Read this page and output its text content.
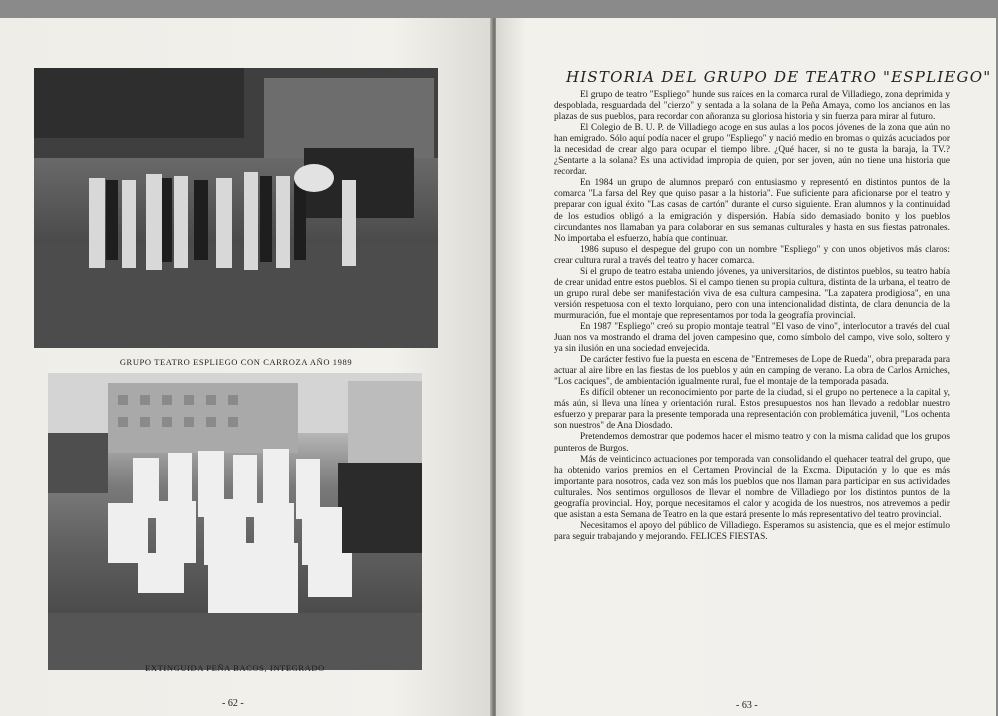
GRUPO TEATRO ESPLIEGO CON CARROZA AÑO 1989
EXTINGUIDA PEÑA BACOS, INTEGRADO
- 62 -
HISTORIA DEL GRUPO DE TEATRO "ESPLIEGO"

El grupo de teatro "Espliego" hunde sus raíces en la comarca rural de Villadiego, zona deprimida y despoblada, resguardada del "cierzo" y sentada a la solana de la Peña Amaya, como los ancianos en las plazas de sus pueblos, para recordar con añoranza su gloriosa historia y sin fuerza para mirar al futuro.

El Colegio de B. U. P. de Villadiego acoge en sus aulas a los pocos jóvenes de la zona que aún no han emigrado. Sólo aquí podía nacer el grupo "Espliego" y nació medio en bromas o quizás acuciados por la necesidad de crear algo para ocupar el tiempo libre. ¿Qué hacer, si no te gusta la baraja, la TV.? ¿Sentarte a la solana? Es una actividad impropia de quien, por ser joven, aún no tiene una historia que recordar.

En 1984 un grupo de alumnos preparó con entusiasmo y representó en distintos puntos de la comarca "La farsa del Rey que quiso pasar a la historia". Fue suficiente para aficionarse por el teatro y preparar con igual éxito "Las casas de cartón" durante el curso siguiente. Eran alumnos y la continuidad de los estudios obligó a la emigración y dispersión. Había sido demasiado bonito y los pueblos circundantes nos llamaban ya para colaborar en sus semanas culturales y hasta en sus fiestas patronales. No importaba el esfuerzo, había que continuar.

1986 supuso el despegue del grupo con un nombre "Espliego" y con unos objetivos más claros: crear cultura rural a través del teatro y hacer comarca.

Si el grupo de teatro estaba uniendo jóvenes, ya universitarios, de distintos pueblos, su teatro había de crear unidad entre estos pueblos. Si el campo tienen su propia cultura, distinta de la urbana, el teatro de un grupo rural debe ser manifestación viva de esa cultura campesina. "La zapatera prodigiosa", en una versión respetuosa con el texto lorquiano, pero con una intencionalidad distinta, de clara denuncia de la murmuración, fue el montaje que representamos por toda la geografía provincial.

En 1987 "Espliego" creó su propio montaje teatral "El vaso de vino", interlocutor a través del cual Juan nos va mostrando el drama del joven campesino que, como símbolo del campo, vive solo, soltero y ya sin ilusión en una sociedad envejecida.

De carácter festivo fue la puesta en escena de "Entremeses de Lope de Rueda", obra preparada para actuar al aire libre en las fiestas de los pueblos y aún en camping de verano. La obra de Carlos Arniches, "Los caciques", de ambientación igualmente rural, fue el montaje de la temporada pasada.

Es difícil obtener un reconocimiento por parte de la ciudad, si el grupo no pertenece a la capital y, más aún, si lleva una línea y orientación rural. Estos presupuestos nos han llevado a redoblar nuestro esfuerzo y preparar para la presente temporada una representación con problemática juvenil, "Los ochenta son nuestros" de Ana Diosdado.

Pretendemos demostrar que podemos hacer el mismo teatro y con la misma calidad que los grupos punteros de Burgos.

Más de veinticinco actuaciones por temporada van consolidando el quehacer teatral del grupo, que ha obtenido varios premios en el Certamen Provincial de la Excma. Diputación y lo que es más importante para nosotros, cada vez son más los pueblos que nos llaman para participar en sus actividades culturales. Nos sentimos orgullosos de llevar el nombre de Villadiego por los distintos puntos de la geografía provincial. Hoy, porque necesitamos el calor y acogida de los nuestros, nos atrevemos a pedir que asistan a esta Semana de Teatro en la que estará presente lo más representativo del teatro provincial.

Necesitamos el apoyo del público de Villadiego. Esperamos su asistencia, que es el mejor estímulo para seguir trabajando y mejorando. FELICES FIESTAS.

- 63 -
